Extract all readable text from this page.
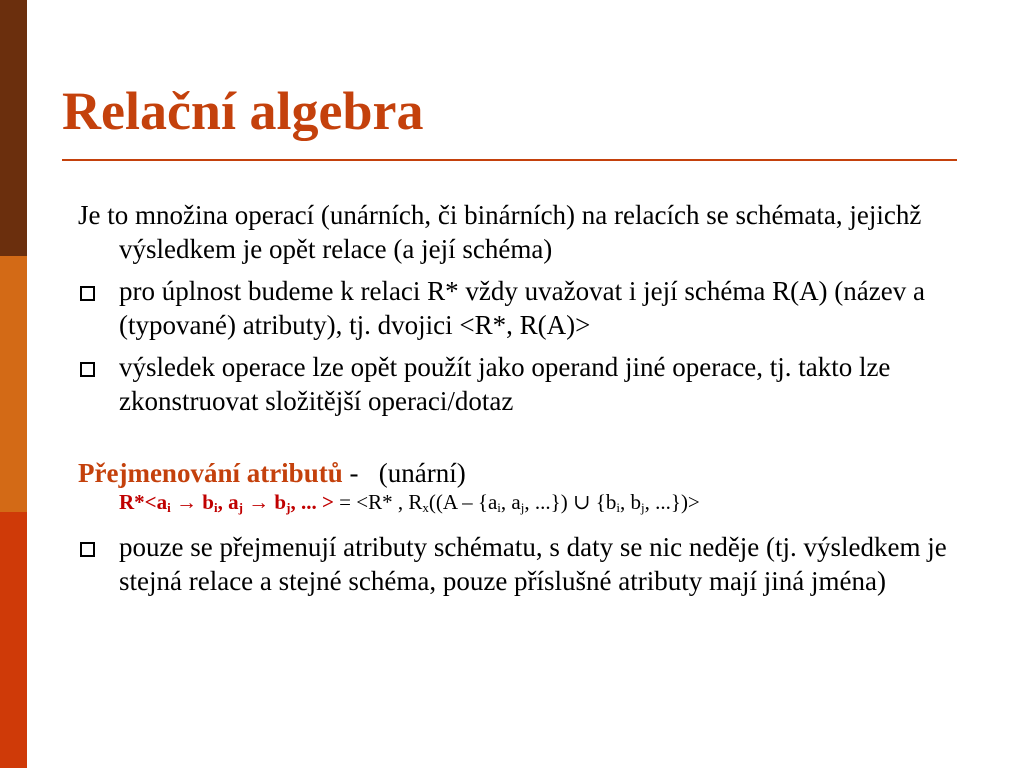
Relační algebra
Je to množina operací (unárních, či binárních) na relacích se schémata, jejichž výsledkem je opět relace (a její schéma)
pro úplnost budeme k relaci R* vždy uvažovat i její schéma R(A) (název a (typované) atributy), tj. dvojici <R*, R(A)>
výsledek operace lze opět použít jako operand jiné operace, tj. takto lze zkonstruovat složitější operaci/dotaz
Přejmenování atributů -   (unární)
$R*<a_i \to b_i$, $a_j \to b_j$, ... > = <R* , $R_x((A - \{a_i$, $a_j$, ...}) ∪ {$b_i$, $b_j$, ...})>
pouze se přejmenují atributy schématu, s daty se nic neděje (tj. výsledkem je stejná relace a stejné schéma, pouze příslušné atributy mají jiná jména)
